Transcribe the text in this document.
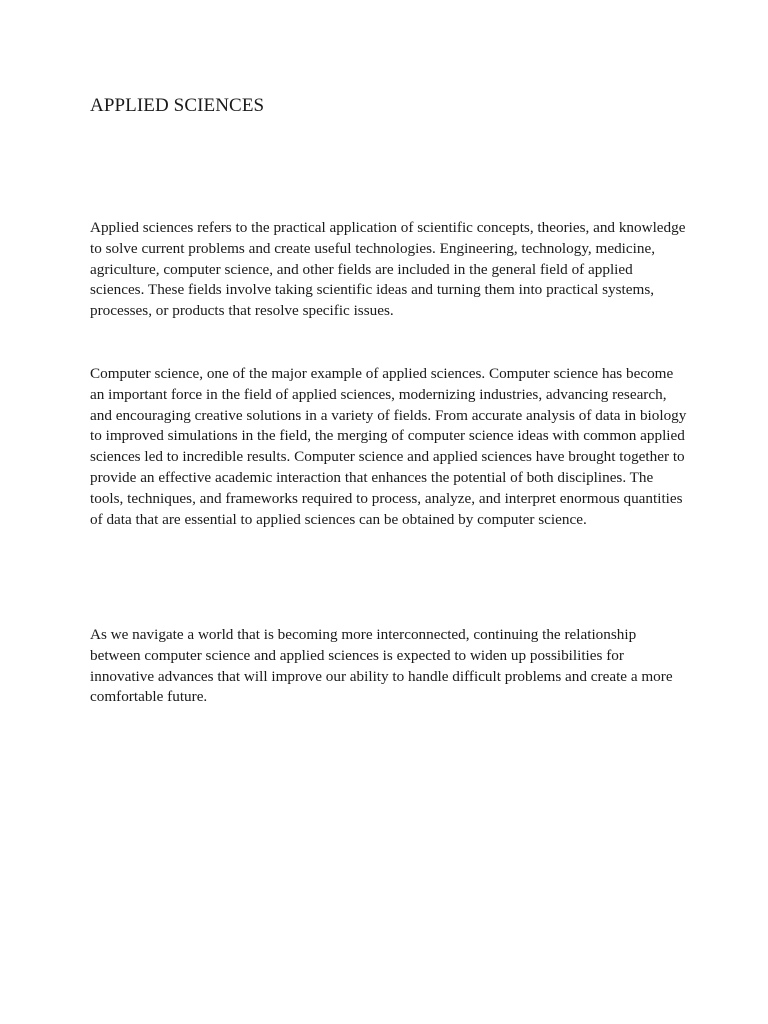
APPLIED SCIENCES

Applied sciences refers to the practical application of scientific concepts, theories, and knowledge to solve current problems and create useful technologies. Engineering, technology, medicine, agriculture, computer science, and other fields are included in the general field of applied sciences. These fields involve taking scientific ideas and turning them into practical systems, processes, or products that resolve specific issues.

Computer science, one of the major example of applied sciences. Computer science has become an important force in the field of applied sciences, modernizing industries, advancing research, and encouraging creative solutions in a variety of fields. From accurate analysis of data in biology to improved simulations in the field, the merging of computer science ideas with common applied sciences led to incredible results. Computer science and applied sciences have brought together to provide an effective academic interaction that enhances the potential of both disciplines. The tools, techniques, and frameworks required to process, analyze, and interpret enormous quantities of data that are essential to applied sciences can be obtained by computer science.

As we navigate a world that is becoming more interconnected, continuing the relationship between computer science and applied sciences is expected to widen up possibilities for innovative advances that will improve our ability to handle difficult problems and create a more comfortable future.
